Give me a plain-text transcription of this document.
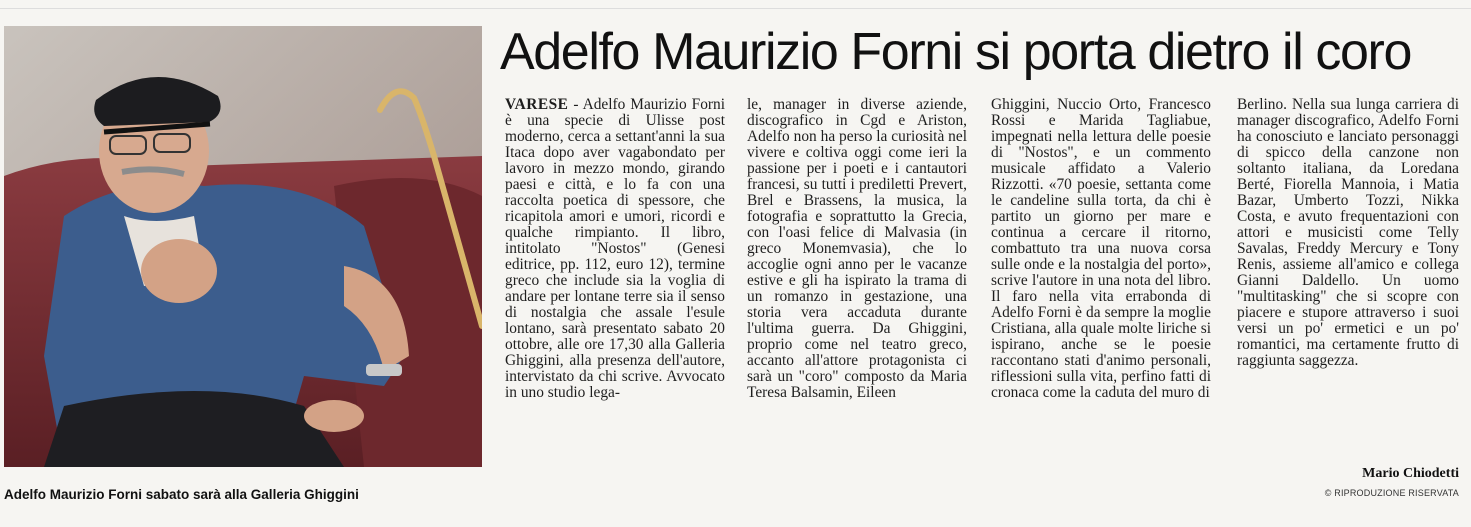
Adelfo Maurizio Forni sabato sarà alla Galleria Ghiggini
Adelfo Maurizio Forni si porta dietro il coro

VARESE - Adelfo Maurizio Forni è una specie di Ulisse post moderno, cerca a settant'anni la sua Itaca dopo aver vagabondato per lavoro in mezzo mondo, girando paesi e città, e lo fa con una raccolta poetica di spessore, che ricapitola amori e umori, ricordi e qualche rimpianto. Il libro, intitolato "Nostos" (Genesi editrice, pp. 112, euro 12), termine greco che include sia la voglia di andare per lontane terre sia il senso di nostalgia che assale l'esule lontano, sarà presentato sabato 20 ottobre, alle ore 17,30 alla Galleria Ghiggini, alla presenza dell'autore, intervistato da chi scrive. Avvocato in uno studio lega-

le, manager in diverse aziende, discografico in Cgd e Ariston, Adelfo non ha perso la curiosità nel vivere e coltiva oggi come ieri la passione per i poeti e i cantautori francesi, su tutti i prediletti Prevert, Brel e Brassens, la musica, la fotografia e soprattutto la Grecia, con l'oasi felice di Malvasia (in greco Monemvasia), che lo accoglie ogni anno per le vacanze estive e gli ha ispirato la trama di un romanzo in gestazione, una storia vera accaduta durante l'ultima guerra. Da Ghiggini, proprio come nel teatro greco, accanto all'attore protagonista ci sarà un "coro" composto da Maria Teresa Balsamin, Eileen

Ghiggini, Nuccio Orto, Francesco Rossi e Marida Tagliabue, impegnati nella lettura delle poesie di "Nostos", e un commento musicale affidato a Valerio Rizzotti. «70 poesie, settanta come le candeline sulla torta, da chi è partito un giorno per mare e continua a cercare il ritorno, combattuto tra una nuova corsa sulle onde e la nostalgia del porto», scrive l'autore in una nota del libro. Il faro nella vita errabonda di Adelfo Forni è da sempre la moglie Cristiana, alla quale molte liriche si ispirano, anche se le poesie raccontano stati d'animo personali, riflessioni sulla vita, perfino fatti di cronaca come la caduta del muro di

Berlino. Nella sua lunga carriera di manager discografico, Adelfo Forni ha conosciuto e lanciato personaggi di spicco della canzone non soltanto italiana, da Loredana Berté, Fiorella Mannoia, i Matia Bazar, Umberto Tozzi, Nikka Costa, e avuto frequentazioni con attori e musicisti come Telly Savalas, Freddy Mercury e Tony Renis, assieme all'amico e collega Gianni Daldello. Un uomo "multitasking" che si scopre con piacere e stupore attraverso i suoi versi un po' ermetici e un po' romantici, ma certamente frutto di raggiunta saggezza.

Mario Chiodetti
© RIPRODUZIONE RISERVATA
